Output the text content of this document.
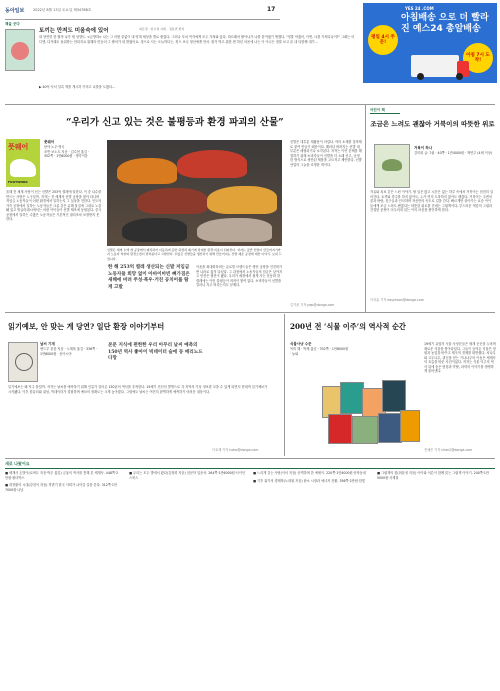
동아일보 2022년 8월 13일 토요일 제34788호	17	YES 24 .COM
아침배송 으로 더 빨라진 예스24 총알배송
평일 4시 주문!
아침 7시 도착!
책을 굿다
토끼는 만져도 미움숙에 있어	최은경 · 임수정 사회 · 정용연 편저
내 당연한 한 월적 나가 새 성향도. <금방하> 나는 그 어떤 끝없이 내 양대 세상을 별로 줄였다. 그러나 사치 여자에게 모두 가져와 있다. 따르래서 팔아나가 나를 붙여냈기 생했다. "정말 야겠어, 이번, 너를 가져다나이?" 그래는 어디엔. 다거래도 돌위하는 안되지요 위해라 만들어 그 팔어가 내 밝혔어요. 정으로 사는 오늘하다는, 정으 보니 정선에게 안서. 원거 먹고 위한 앤 하던 마음에 나는 이 아니든 정말 보고 끝 내 다함께 대기...
▶ 40억 사서 일록 책을 게시하 가지고 나를을 도왔다...
“우리가 신고 있는 것은 불평등과 환경 파괴의 산물”
풋웨어
FOOTWORK
풋웨어
탄야 노우·영국
조반 보노트 지음 · 김수현 옮김 · 352쪽 · 1만8000원 · 생각이음
신발은 세계 수백 개 공장에서 제작되어 이동하며 운반 과정과 폐기에 막대한 환경 비용이 뒤따른다. 저자는 값싼 신발이 만들어지기까지 노동자 착취와 환경오염이 반복된다고 고발한다. 수많은 신발들을 생산하기 위해 만들어지는 신발 제조 공정에 대한 이야기. 보내 드립니다.
올해 전 세계 사람이 신는 신발은 253억 켤레에 달한다. 이 중 다수를 만드는 사람은 누구일까. 저자는 전 세계의 신발 공장을 찾아 다니며 저임금 노동자들이 어떤 환경에서 일하는지 그 실상을 전한다. 인도의 가죽 공장에서 일하는 노동자들은 크롬 같은 유해 물질에 그대로 노출돼 있고 방글라데시에서는 어린 아이들이 신발 제조에 동원된다. 중국 공장에서 일하는 수많은 노동자들은 기본적인 권리조차 보장받지 못한다.
한 해 253억 켤레 생산되는 신발 저임금 노동자들 희망 없이 아바이마빈 뼈가짐은 새해에 버려 주성·폭우·거친 공치어를 탐게 고발
이윤을 최대화하려는 글로벌 브랜드들은 생산 공장을 인건비가 싼 나라로 옮겨 다녔다. 그 과정에서 노동자들의 임금은 낮아지고 안전은 뒷전이 됐다. 우리가 매장에서 쉽게 사는 운동화 한 켤레에는 이런 불평등이 켜켜이 쌓여 있다. 소비자들이 신발을 얼마나 자주 버리는지도 문제다.
신발은 대부분 재활용이 어렵다. 여러 소재를 접착제로 붙여 만들기 때문이다. 해마다 버려지는 신발 대부분은 매립되거나 소각된다. 저자는 이런 문제를 해결하기 위해 소비자들이 신발을 더 오래 신고, 공정한 방식으로 생산된 제품을 고르자고 제안한다. 신발 산업의 그늘을 조명한 책이다.
김기윤 기자 pep@donga.com
어린이 책
조금은 느려도 괜찮아 거북이의 따뜻한 위로
거북이 하나
김미희 글·그림 · 40쪽 · 1만4000원 · 책연주 (4세 이상)
자유와 치료 같은 느린 이야기. 할 일은 많고 시간은 없는 하루 속에서 거북이는 천천히 걸어간다. 토끼와 경주를 하지 않아도, 누가 먼저 도착하지 않아도 괜찮다. 거북이는 주변의 꽃과 바람, 친구들과 인사하며 자신만의 속도로 길을 간다. 빠르게만 살아가는 요즘 아이들에게 조금 느려도 괜찮다는 따뜻한 위로를 건네는 그림책이다. 부드러운 색감의 그림과 간결한 문장이 어우러져 읽는 이의 마음을 편안하게 한다.
이지훈 기자 easyhoon@donga.com
읽기예보, 안 맞는 게 당연? 일단 환장 이야기부터
날씨 기계
앤드루 블룸 지음 · 노태복 옮김 · 336쪽 · 1만8000원 · 동아시아
본문 지식에 편한한 우리 아무리 날씨 예측의 150년 역사 좋아이 빅데이터 슬에 동 메리노드 다망
일기예보는 왜 자주 틀릴까. 저자는 날씨를 예측하기 위해 인류가 걸어온 150년의 역사를 추적한다. 19세기 전신의 발명으로 각 지역의 기상 정보를 모을 수 있게 되면서 현대적 일기예보가 시작됐다. 이후 컴퓨터와 위성, 빅데이터가 결합하며 예보의 정확도는 크게 높아졌다. 그럼에도 날씨는 여전히 완벽하게 예측하기 어려운 대상이다.
이호재 기자 hoho@donga.com
200년 전 ‘식물 이주’의 역사적 순간
식물사냥 수꾼
목비 해 · 박재 옮김 · 332쪽 · 1만8000원 · 눌와
19세기 유럽의 식물 사냥꾼들은 세계 곳곳을 누비며 새로운 식물을 찾아다녔다. 그들이 들여온 식물은 정원과 농업을 바꾸고 제국의 경제를 떠받쳤다. 차나무와 고무나무, 퀴닌을 얻는 기나나무의 이동은 세계사의 흐름을 바꾼 사건이었다. 저자는 식물 이주의 역사 뒤에 숨은 탐험과 약탈, 과학의 이야기를 생생하게 풀어낸다.
전채은 기자 chan2@donga.com
새로 나왔어요
■ 세계사 돈벌이(로버트 지음·박우 옮김) 금융의 역사를 통해 본 세계사. 448쪽·2만원·원더박스
■ 대전환의 시대(강천석 지음) 격변기 한국 사회가 나아갈 길을 묻다. 312쪽·1만7000원·나남
■ 우리는 모두 별에서 왔다(김정화 지음) 천문학 입문서. 264쪽·1만6000원·사이언스북스
■ 느리게 걷는 사람(이서 지음) 산책하며 쓴 에세이. 220쪽·1만4000원·문학동네
■ 기후 위기의 경제학(노대원 지음) 탄소 시장과 에너지 전환. 356쪽·2만원·한빛
■ 그림책의 힘(최윤정 지음) 아이와 어른이 함께 읽는 그림책 이야기. 240쪽·1만5000원·사계절
